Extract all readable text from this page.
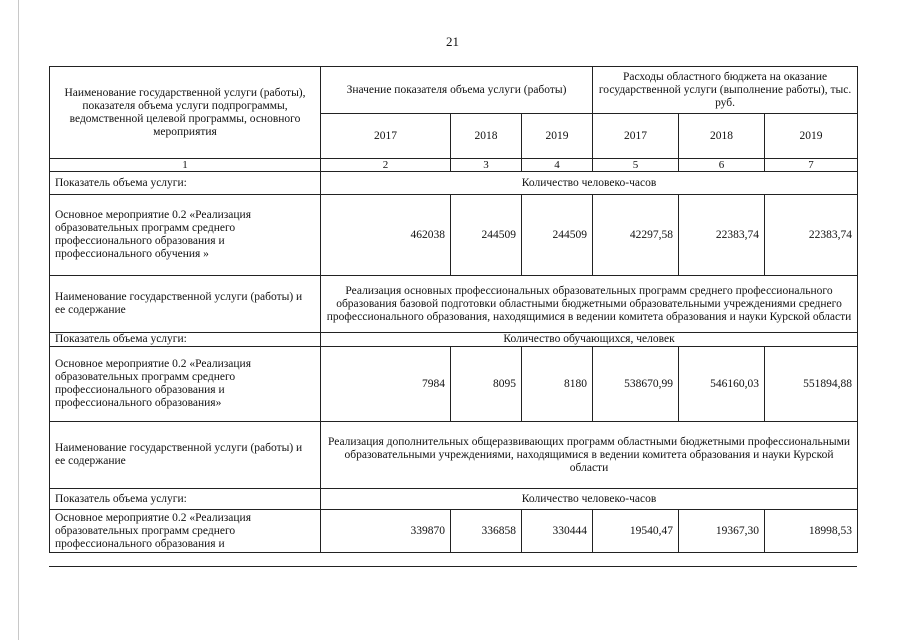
21
Наименование государственной услуги (работы), показателя объема услуги подпрограммы, ведомственной целевой программы, основного мероприятия	Значение показателя объема услуги (работы)			Расходы областного бюджета на оказание государственной услуги (выполнение работы), тыс. руб.		
	2017	2018	2019	2017	2018	2019
1	2	3	4	5	6	7
Показатель объема услуги:	Количество человеко-часов					
Основное мероприятие 0.2 «Реализация образовательных программ среднего профессионального образования и профессионального обучения »	462038	244509	244509	42297,58	22383,74	22383,74
Наименование государственной услуги (работы) и ее содержание	Реализация основных профессиональных образовательных программ среднего профессионального образования базовой подготовки областными бюджетными образовательными учреждениями среднего профессионального образования, находящимися в ведении комитета образования и науки Курской области					
Показатель объема услуги:	Количество обучающихся, человек					
Основное мероприятие 0.2 «Реализация образовательных программ среднего профессионального образования и профессионального образования»	7984	8095	8180	538670,99	546160,03	551894,88
Наименование государственной услуги (работы) и ее содержание	Реализация дополнительных общеразвивающих программ областными бюджетными профессиональными образовательными учреждениями, находящимися в ведении комитета образования и науки Курской области					
Показатель объема услуги:	Количество человеко-часов					
Основное мероприятие 0.2 «Реализация образовательных программ среднего профессионального образования и	339870	336858	330444	19540,47	19367,30	18998,53
